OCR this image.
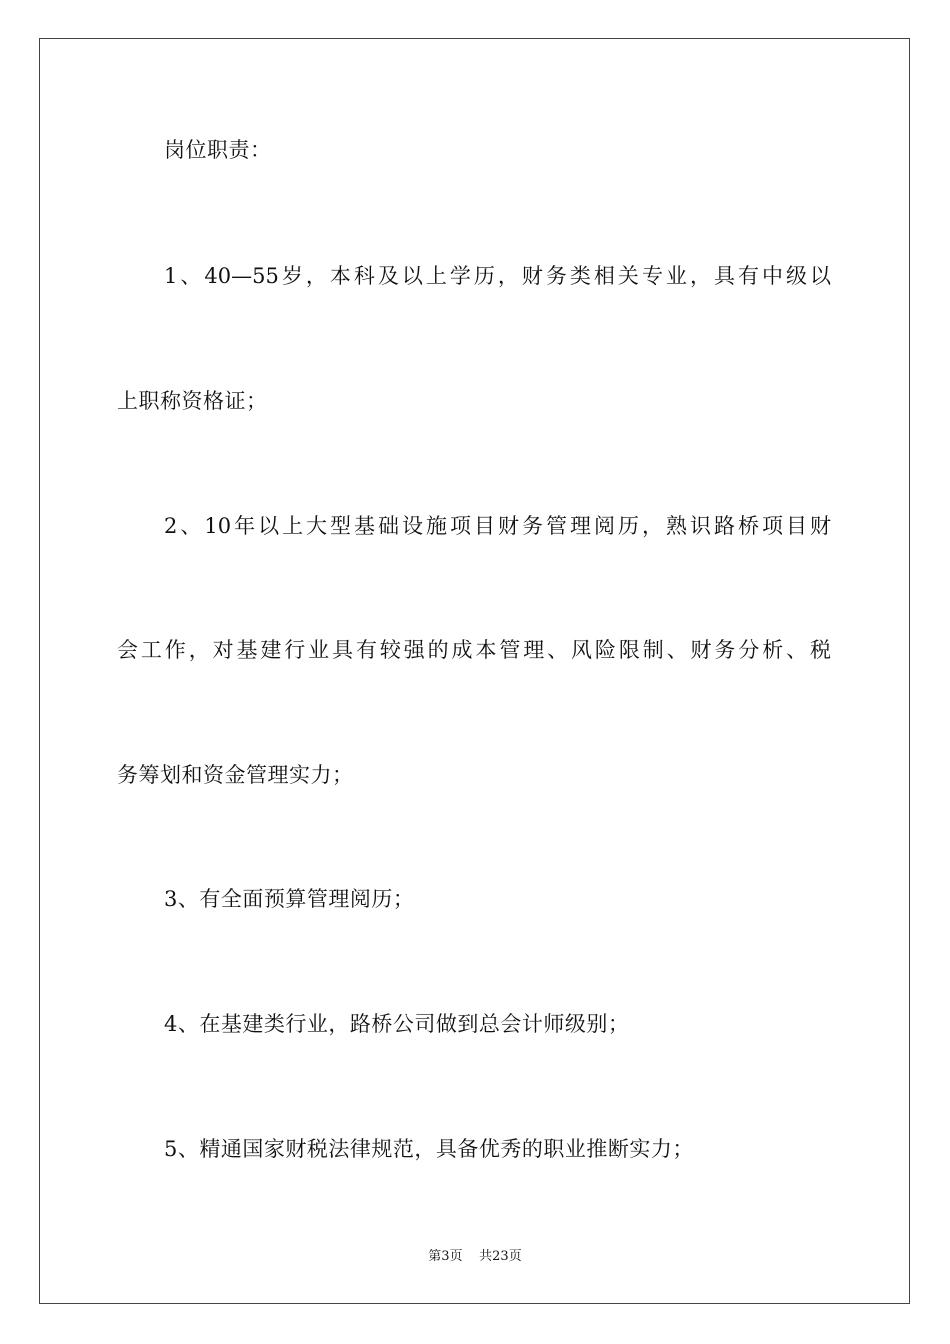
岗位职责：
1、40—55岁，本科及以上学历，财务类相关专业，具有中级以
上职称资格证；
2、10年以上大型基础设施项目财务管理阅历，熟识路桥项目财
会工作，对基建行业具有较强的成本管理、风险限制、财务分析、税
务筹划和资金管理实力；
3、有全面预算管理阅历；
4、在基建类行业，路桥公司做到总会计师级别；
5、精通国家财税法律规范，具备优秀的职业推断实力；
第3页 共23页
